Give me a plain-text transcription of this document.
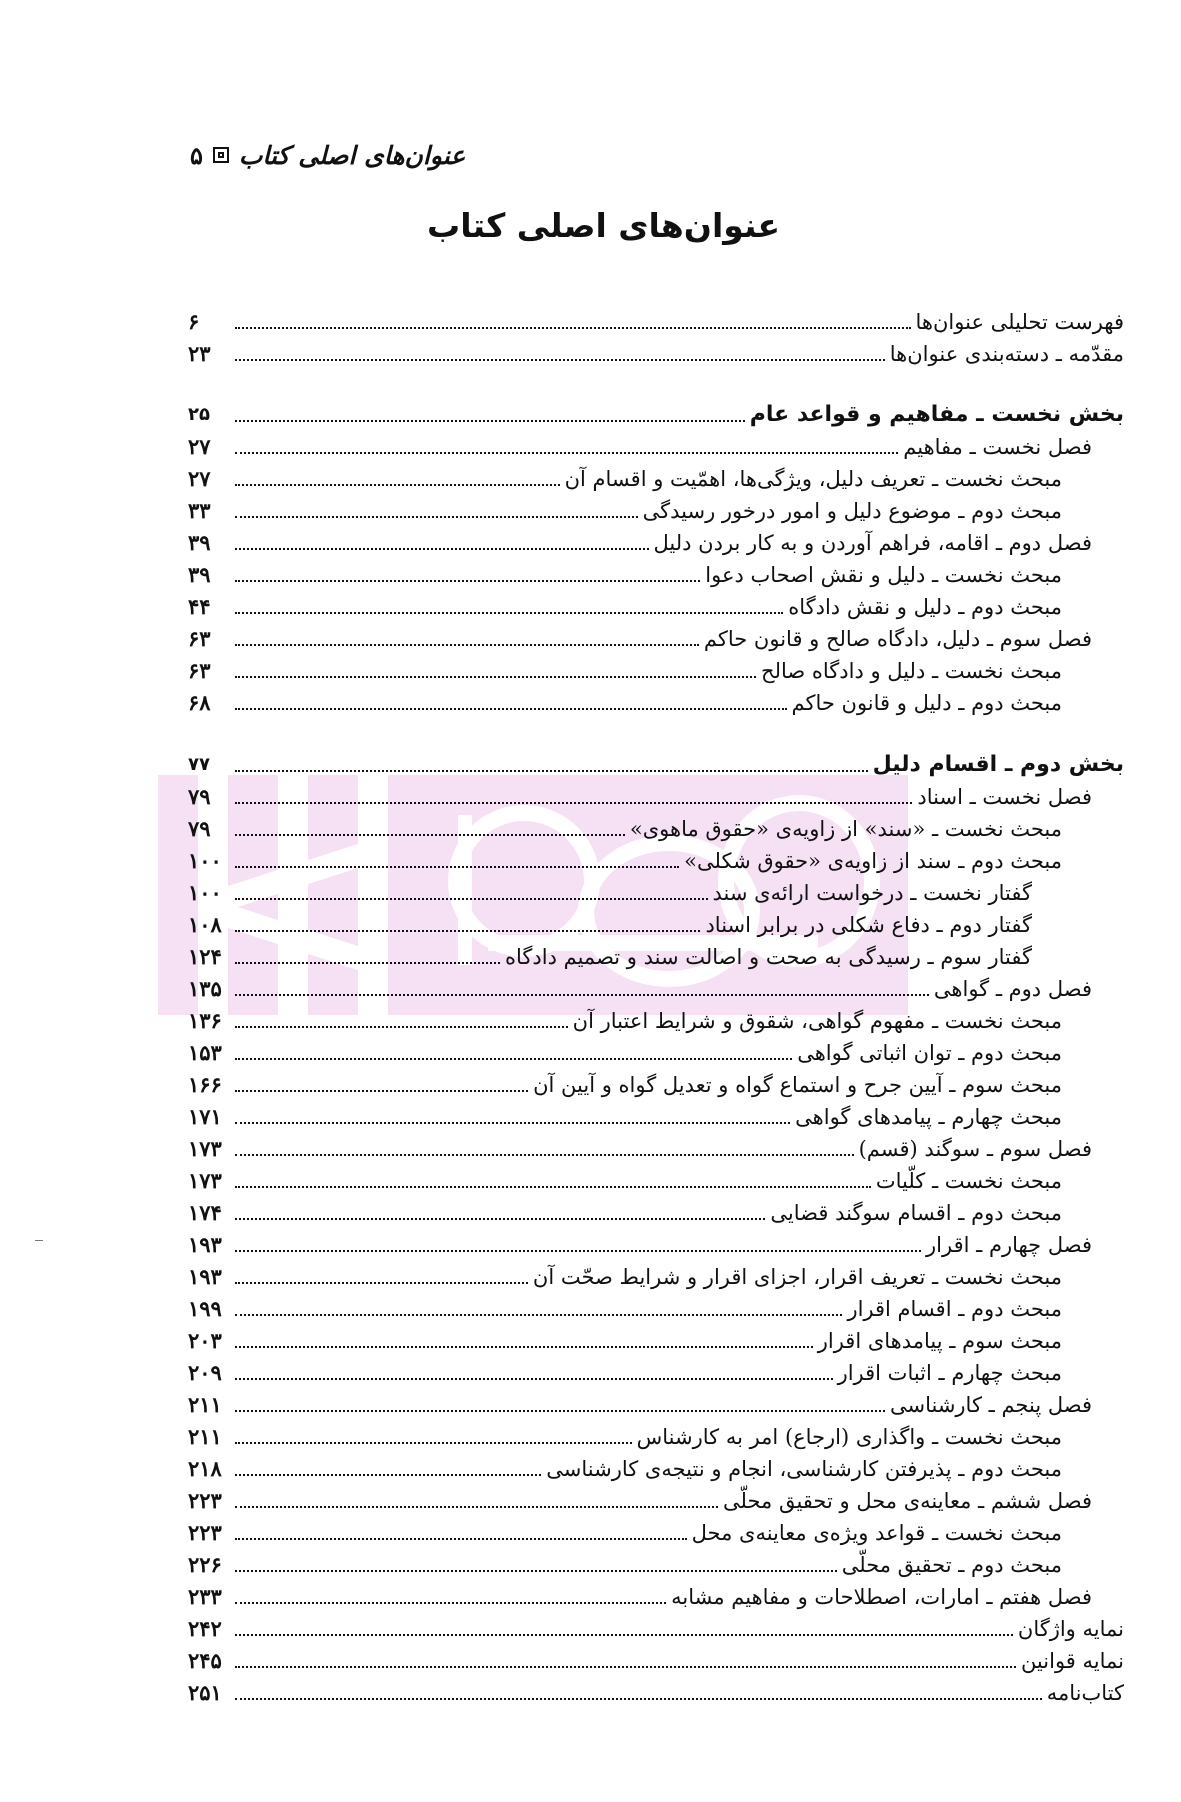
عنوان‌های اصلی کتاب
۵
عنوان‌های اصلی کتاب
فهرست تحلیلی عنوان‌ها
۶
مقدّمه ـ دسته‌بندی عنوان‌ها
۲۳
بخش نخست ـ مفاهیم و قواعد عام
۲۵
فصل نخست ـ مفاهیم
۲۷
مبحث نخست ـ تعریف دلیل، ویژگی‌ها، اهمّیت و اقسام آن
۲۷
مبحث دوم ـ موضوع دلیل و امور درخور رسیدگی
۳۳
فصل دوم ـ اقامه، فراهم آوردن و به کار بردن دلیل
۳۹
مبحث نخست ـ دلیل و نقش اصحاب دعوا
۳۹
مبحث دوم ـ دلیل و نقش دادگاه
۴۴
فصل سوم ـ دلیل، دادگاه صالح و قانون حاکم
۶۳
مبحث نخست ـ دلیل و دادگاه صالح
۶۳
مبحث دوم ـ دلیل و قانون حاکم
۶۸
بخش دوم ـ اقسام دلیل
۷۷
فصل نخست ـ اسناد
۷۹
مبحث نخست ـ «سند» از زاویه‌ی «حقوق ماهوی»
۷۹
مبحث دوم ـ سند از زاویه‌ی «حقوق شکلی»
۱۰۰
گفتار نخست ـ درخواست ارائه‌ی سند
۱۰۰
گفتار دوم ـ دفاع شکلی در برابر اسناد
۱۰۸
گفتار سوم ـ رسیدگی به صحت و اصالت سند و تصمیم دادگاه
۱۲۴
فصل دوم ـ گواهی
۱۳۵
مبحث نخست ـ مفهوم گواهی، شقوق و شرایط اعتبار آن
۱۳۶
مبحث دوم ـ توان اثباتی گواهی
۱۵۳
مبحث سوم ـ آیین جرح و استماع گواه و تعدیل گواه و آیین آن
۱۶۶
مبحث چهارم ـ پیامدهای گواهی
۱۷۱
فصل سوم ـ سوگند (قسم)
۱۷۳
مبحث نخست ـ کلّیات
۱۷۳
مبحث دوم ـ اقسام سوگند قضایی
۱۷۴
فصل چهارم ـ اقرار
۱۹۳
مبحث نخست ـ تعریف اقرار، اجزای اقرار و شرایط صحّت آن
۱۹۳
مبحث دوم ـ اقسام اقرار
۱۹۹
مبحث سوم ـ پیامدهای اقرار
۲۰۳
مبحث چهارم ـ اثبات اقرار
۲۰۹
فصل پنجم ـ کارشناسی
۲۱۱
مبحث نخست ـ واگذاری (ارجاع) امر به کارشناس
۲۱۱
مبحث دوم ـ پذیرفتن کارشناسی، انجام و نتیجه‌ی کارشناسی
۲۱۸
فصل ششم ـ معاینه‌ی محل و تحقیق محلّی
۲۲۳
مبحث نخست ـ قواعد ویژه‌ی معاینه‌ی محل
۲۲۳
مبحث دوم ـ تحقیق محلّی
۲۲۶
فصل هفتم ـ امارات، اصطلاحات و مفاهیم مشابه
۲۳۳
نمایه واژگان
۲۴۲
نمایه قوانین
۲۴۵
کتاب‌نامه
۲۵۱
